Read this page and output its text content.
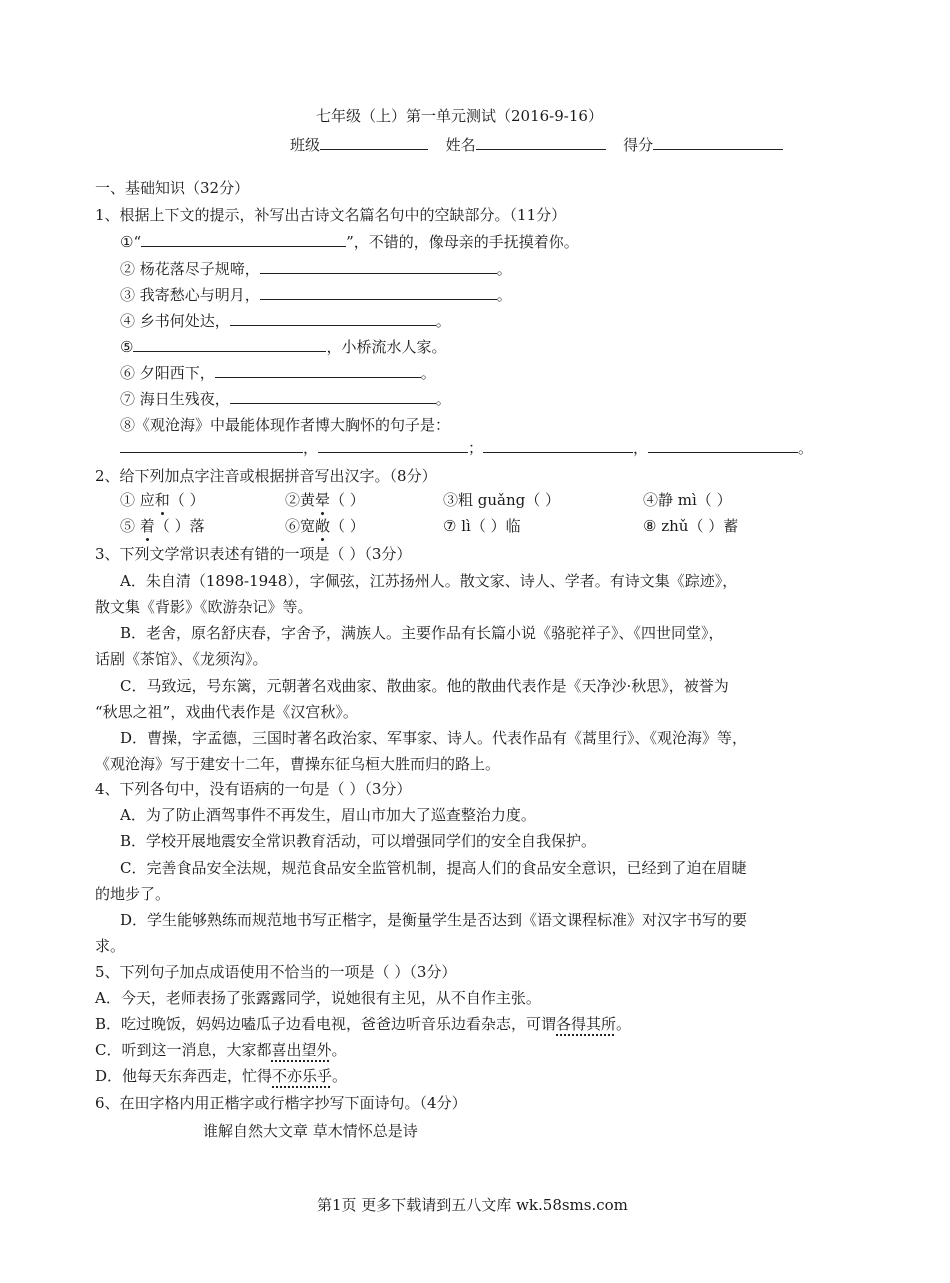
七年级（上）第一单元测试（2016-9-16）
班级	姓名	得分
一、基础知识（32分）
1、根据上下文的提示，补写出古诗文名篇名句中的空缺部分。（11分）
①“	”，不错的，像母亲的手抚摸着你。
② 杨花落尽子规啼，	。
③ 我寄愁心与明月，	。
④ 乡书何处达，	。
⑤	，小桥流水人家。
⑥ 夕阳西下，	。
⑦ 海日生残夜，	。
⑧《观沧海》中最能体现作者博大胸怀的句子是：
，	；	，	。
2、给下列加点字注音或根据拼音写出汉字。（8分）
① 应和（ ）	②黄晕（ ）	③粗 guǎng（ ）	④静 mì（ ）
⑤ 着（ ）落	⑥宽敞（ ）	⑦ lì（ ）临	⑧ zhǔ（ ）蓄
3、下列文学常识表述有错的一项是（ ）（3分）
A．朱自清（1898-1948），字佩弦，江苏扬州人。散文家、诗人、学者。有诗文集《踪迹》，
散文集《背影》《欧游杂记》等。
B．老舍，原名舒庆春，字舍予，满族人。主要作品有长篇小说《骆驼祥子》、《四世同堂》，
话剧《茶馆》、《龙须沟》。
C．马致远，号东篱，元朝著名戏曲家、散曲家。他的散曲代表作是《天净沙·秋思》，被誉为
“秋思之祖”，戏曲代表作是《汉宫秋》。
D．曹操，字孟德，三国时著名政治家、军事家、诗人。代表作品有《蒿里行》、《观沧海》等，
《观沧海》写于建安十二年，曹操东征乌桓大胜而归的路上。
4、下列各句中，没有语病的一句是（ ）（3分）
A．为了防止酒驾事件不再发生，眉山市加大了巡查整治力度。
B．学校开展地震安全常识教育活动，可以增强同学们的安全自我保护。
C．完善食品安全法规，规范食品安全监管机制，提高人们的食品安全意识，已经到了迫在眉睫
的地步了。
D．学生能够熟练而规范地书写正楷字，是衡量学生是否达到《语文课程标准》对汉字书写的要
求。
5、下列句子加点成语使用不恰当的一项是（ ）（3分）
A．今天，老师表扬了张露露同学，说她很有主见，从不自作主张。
B．吃过晚饭，妈妈边嗑瓜子边看电视，爸爸边听音乐边看杂志，可谓各得其所。
C．听到这一消息，大家都喜出望外。
D．他每天东奔西走，忙得不亦乐乎。
6、在田字格内用正楷字或行楷字抄写下面诗句。（4分）
谁解自然大文章 草木情怀总是诗
第1页 更多下载请到五八文库 wk.58sms.com
